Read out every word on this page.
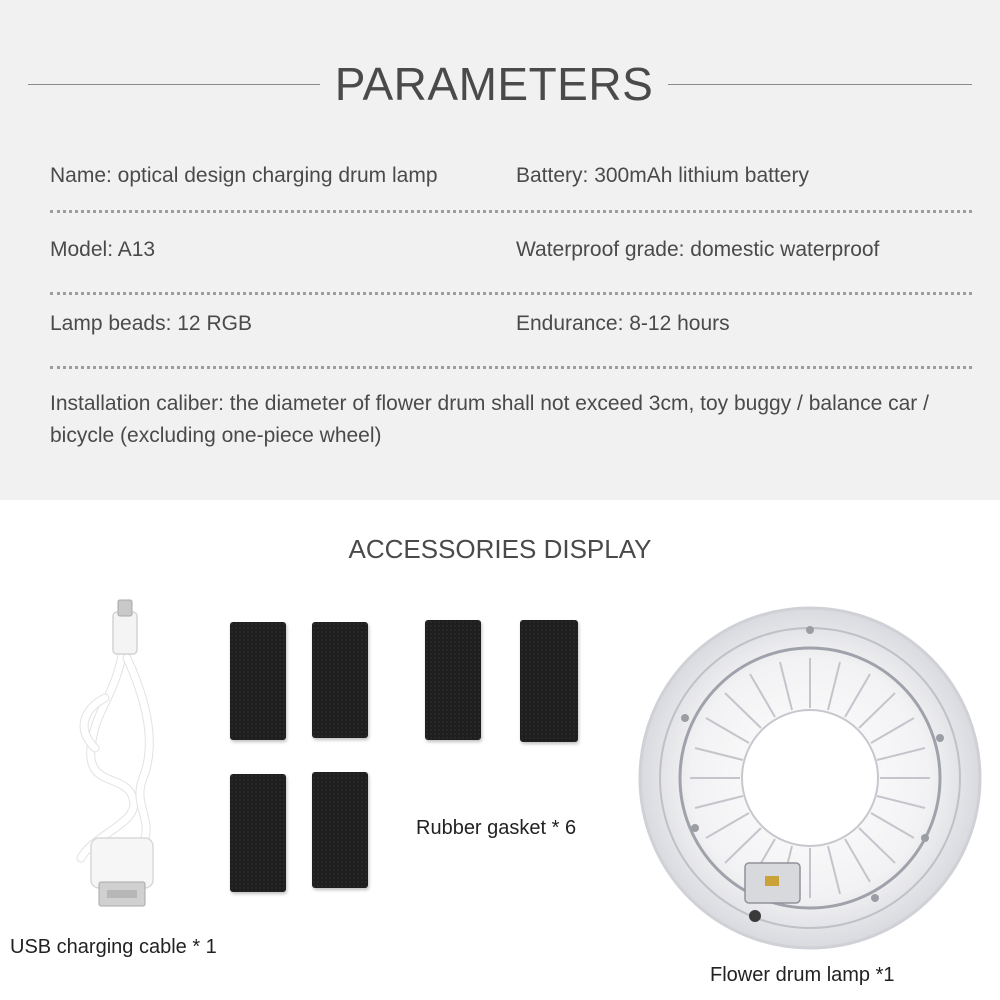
PARAMETERS
Name: optical design charging drum lamp	Battery: 300mAh lithium battery
Model: A13	Waterproof grade: domestic waterproof
Lamp beads: 12 RGB	Endurance: 8-12 hours
Installation caliber: the diameter of flower drum shall not exceed 3cm, toy buggy / balance car / bicycle (excluding one-piece wheel)
ACCESSORIES DISPLAY
USB charging cable * 1
Rubber gasket * 6
Flower drum lamp *1
